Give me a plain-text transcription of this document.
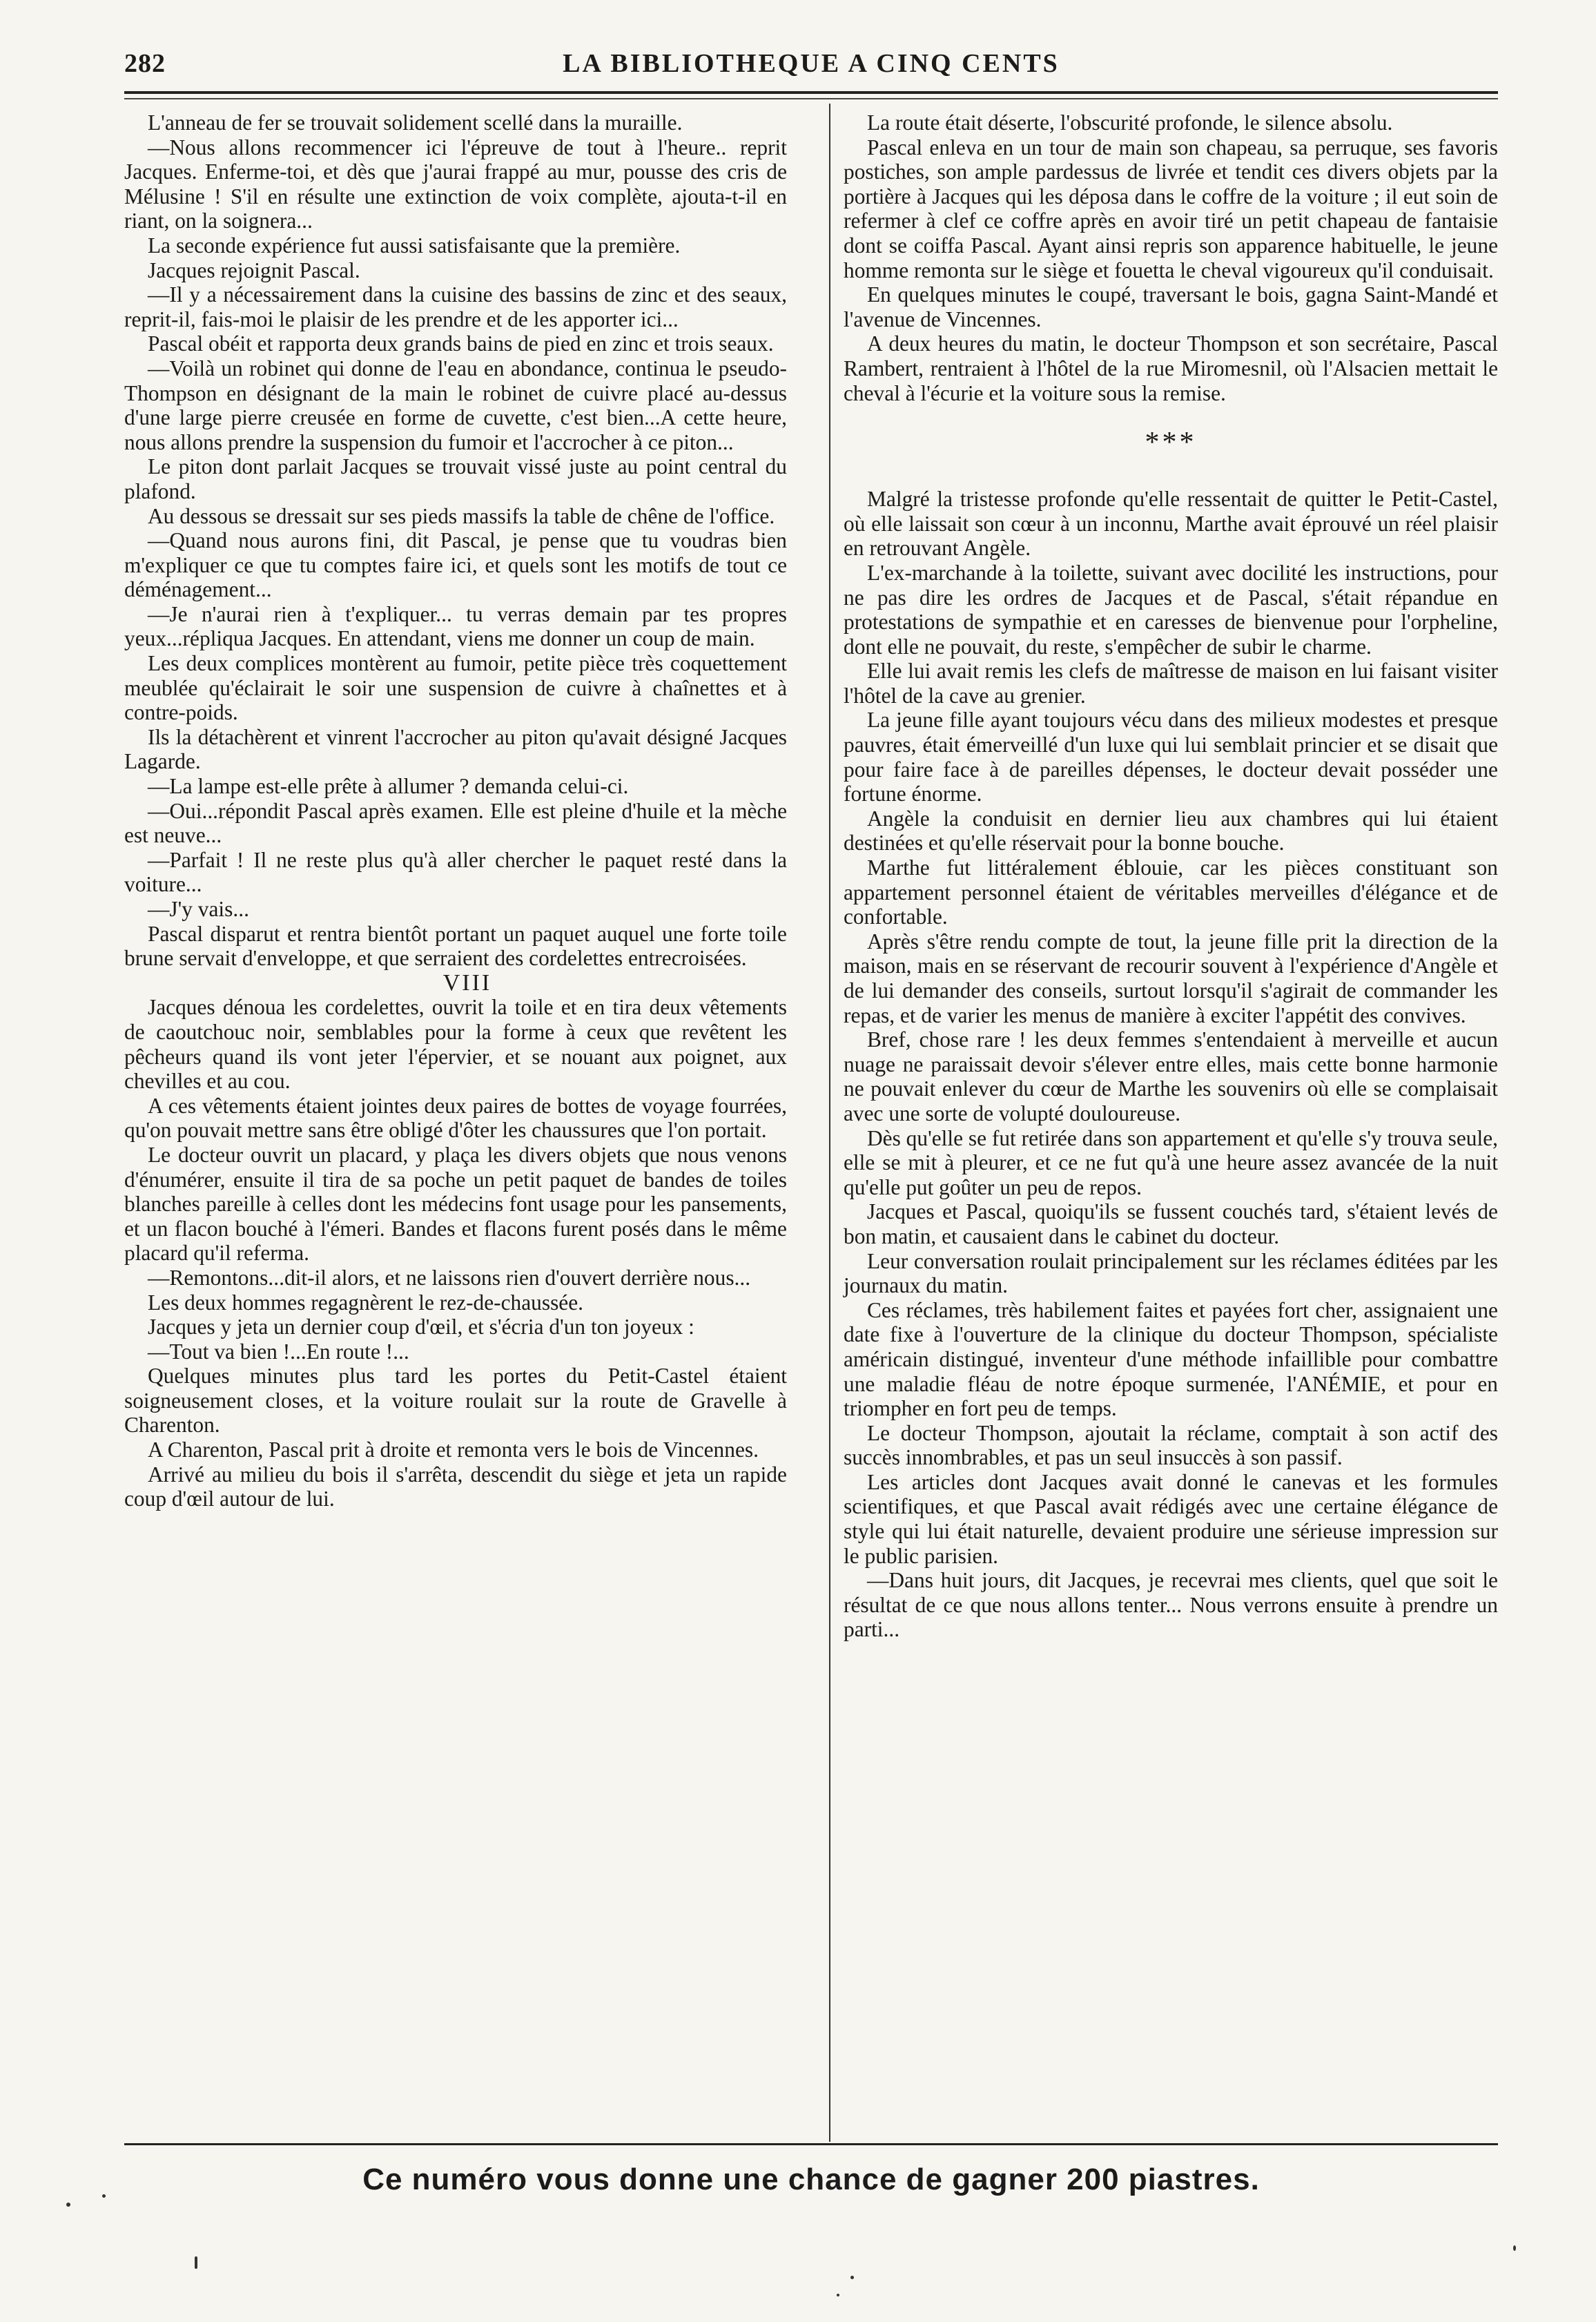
282	LA BIBLIOTHEQUE A CINQ CENTS

L'anneau de fer se trouvait solidement scellé dans la muraille.

—Nous allons recommencer ici l'épreuve de tout à l'heure.. reprit Jacques. Enferme-toi, et dès que j'aurai frappé au mur, pousse des cris de Mélusine ! S'il en résulte une extinction de voix complète, ajouta-t-il en riant, on la soignera...

La seconde expérience fut aussi satisfaisante que la première.

Jacques rejoignit Pascal.

—Il y a nécessairement dans la cuisine des bassins de zinc et des seaux, reprit-il, fais-moi le plaisir de les prendre et de les apporter ici...

Pascal obéit et rapporta deux grands bains de pied en zinc et trois seaux.

—Voilà un robinet qui donne de l'eau en abondance, continua le pseudo-Thompson en désignant de la main le robinet de cuivre placé au-dessus d'une large pierre creusée en forme de cuvette, c'est bien...A cette heure, nous allons prendre la suspension du fumoir et l'accrocher à ce piton...

Le piton dont parlait Jacques se trouvait vissé juste au point central du plafond.

Au dessous se dressait sur ses pieds massifs la table de chêne de l'office.

—Quand nous aurons fini, dit Pascal, je pense que tu voudras bien m'expliquer ce que tu comptes faire ici, et quels sont les motifs de tout ce déménagement...

—Je n'aurai rien à t'expliquer... tu verras demain par tes propres yeux...répliqua Jacques. En attendant, viens me donner un coup de main.

Les deux complices montèrent au fumoir, petite pièce très coquettement meublée qu'éclairait le soir une suspension de cuivre à chaînettes et à contre-poids.

Ils la détachèrent et vinrent l'accrocher au piton qu'avait désigné Jacques Lagarde.

—La lampe est-elle prête à allumer ? demanda celui-ci.

—Oui...répondit Pascal après examen. Elle est pleine d'huile et la mèche est neuve...

—Parfait ! Il ne reste plus qu'à aller chercher le paquet resté dans la voiture...

—J'y vais...

Pascal disparut et rentra bientôt portant un paquet auquel une forte toile brune servait d'enveloppe, et que serraient des cordelettes entrecroisées.

VIII

Jacques dénoua les cordelettes, ouvrit la toile et en tira deux vêtements de caoutchouc noir, semblables pour la forme à ceux que revêtent les pêcheurs quand ils vont jeter l'épervier, et se nouant aux poignet, aux chevilles et au cou.

A ces vêtements étaient jointes deux paires de bottes de voyage fourrées, qu'on pouvait mettre sans être obligé d'ôter les chaussures que l'on portait.

Le docteur ouvrit un placard, y plaça les divers objets que nous venons d'énumérer, ensuite il tira de sa poche un petit paquet de bandes de toiles blanches pareille à celles dont les médecins font usage pour les pansements, et un flacon bouché à l'émeri. Bandes et flacons furent posés dans le même placard qu'il referma.

—Remontons...dit-il alors, et ne laissons rien d'ouvert derrière nous...

Les deux hommes regagnèrent le rez-de-chaussée.

Jacques y jeta un dernier coup d'œil, et s'écria d'un ton joyeux :

—Tout va bien !...En route !...

Quelques minutes plus tard les portes du Petit-Castel étaient soigneusement closes, et la voiture roulait sur la route de Gravelle à Charenton.

A Charenton, Pascal prit à droite et remonta vers le bois de Vincennes.

Arrivé au milieu du bois il s'arrêta, descendit du siège et jeta un rapide coup d'œil autour de lui.

La route était déserte, l'obscurité profonde, le silence absolu.

Pascal enleva en un tour de main son chapeau, sa perruque, ses favoris postiches, son ample pardessus de livrée et tendit ces divers objets par la portière à Jacques qui les déposa dans le coffre de la voiture ; il eut soin de refermer à clef ce coffre après en avoir tiré un petit chapeau de fantaisie dont se coiffa Pascal. Ayant ainsi repris son apparence habituelle, le jeune homme remonta sur le siège et fouetta le cheval vigoureux qu'il conduisait.

En quelques minutes le coupé, traversant le bois, gagna Saint-Mandé et l'avenue de Vincennes.

A deux heures du matin, le docteur Thompson et son secrétaire, Pascal Rambert, rentraient à l'hôtel de la rue Miromesnil, où l'Alsacien mettait le cheval à l'écurie et la voiture sous la remise.

***

Malgré la tristesse profonde qu'elle ressentait de quitter le Petit-Castel, où elle laissait son cœur à un inconnu, Marthe avait éprouvé un réel plaisir en retrouvant Angèle.

L'ex-marchande à la toilette, suivant avec docilité les instructions, pour ne pas dire les ordres de Jacques et de Pascal, s'était répandue en protestations de sympathie et en caresses de bienvenue pour l'orpheline, dont elle ne pouvait, du reste, s'empêcher de subir le charme.

Elle lui avait remis les clefs de maîtresse de maison en lui faisant visiter l'hôtel de la cave au grenier.

La jeune fille ayant toujours vécu dans des milieux modestes et presque pauvres, était émerveillé d'un luxe qui lui semblait princier et se disait que pour faire face à de pareilles dépenses, le docteur devait posséder une fortune énorme.

Angèle la conduisit en dernier lieu aux chambres qui lui étaient destinées et qu'elle réservait pour la bonne bouche.

Marthe fut littéralement éblouie, car les pièces constituant son appartement personnel étaient de véritables merveilles d'élégance et de confortable.

Après s'être rendu compte de tout, la jeune fille prit la direction de la maison, mais en se réservant de recourir souvent à l'expérience d'Angèle et de lui demander des conseils, surtout lorsqu'il s'agirait de commander les repas, et de varier les menus de manière à exciter l'appétit des convives.

Bref, chose rare ! les deux femmes s'entendaient à merveille et aucun nuage ne paraissait devoir s'élever entre elles, mais cette bonne harmonie ne pouvait enlever du cœur de Marthe les souvenirs où elle se complaisait avec une sorte de volupté douloureuse.

Dès qu'elle se fut retirée dans son appartement et qu'elle s'y trouva seule, elle se mit à pleurer, et ce ne fut qu'à une heure assez avancée de la nuit qu'elle put goûter un peu de repos.

Jacques et Pascal, quoiqu'ils se fussent couchés tard, s'étaient levés de bon matin, et causaient dans le cabinet du docteur.

Leur conversation roulait principalement sur les réclames éditées par les journaux du matin.

Ces réclames, très habilement faites et payées fort cher, assignaient une date fixe à l'ouverture de la clinique du docteur Thompson, spécialiste américain distingué, inventeur d'une méthode infaillible pour combattre une maladie fléau de notre époque surmenée, l'ANÉMIE, et pour en triompher en fort peu de temps.

Le docteur Thompson, ajoutait la réclame, comptait à son actif des succès innombrables, et pas un seul insuccès à son passif.

Les articles dont Jacques avait donné le canevas et les formules scientifiques, et que Pascal avait rédigés avec une certaine élégance de style qui lui était naturelle, devaient produire une sérieuse impression sur le public parisien.

—Dans huit jours, dit Jacques, je recevrai mes clients, quel que soit le résultat de ce que nous allons tenter... Nous verrons ensuite à prendre un parti...

Ce numéro vous donne une chance de gagner 200 piastres.
